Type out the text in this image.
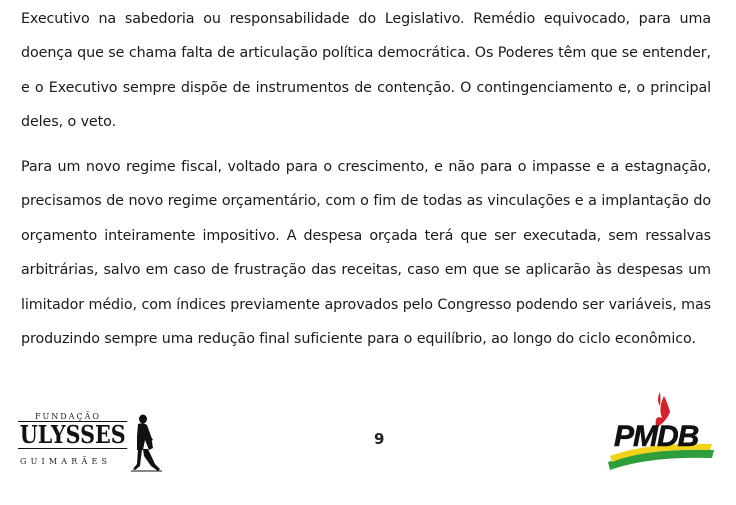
Executivo na sabedoria ou responsabilidade do Legislativo. Remédio equivocado, para uma doença que se chama falta de articulação política democrática. Os Poderes têm que se entender, e o Executivo sempre dispõe de instrumentos de contenção. O contingenciamento e, o principal deles, o veto.

Para um novo regime fiscal, voltado para o crescimento, e não para o impasse e a estagnação, precisamos de novo regime orçamentário, com o fim de todas as vinculações e a implantação do orçamento inteiramente impositivo. A despesa orçada terá que ser executada, sem ressalvas arbitrárias, salvo em caso de frustração das receitas, caso em que se aplicarão às despesas um limitador médio, com índices previamente aprovados pelo Congresso podendo ser variáveis, mas produzindo sempre uma redução final suficiente para o equilíbrio, ao longo do ciclo econômico.

FUNDAÇÃO
ULYSSES
GUIMARÃES
9	PMDB
